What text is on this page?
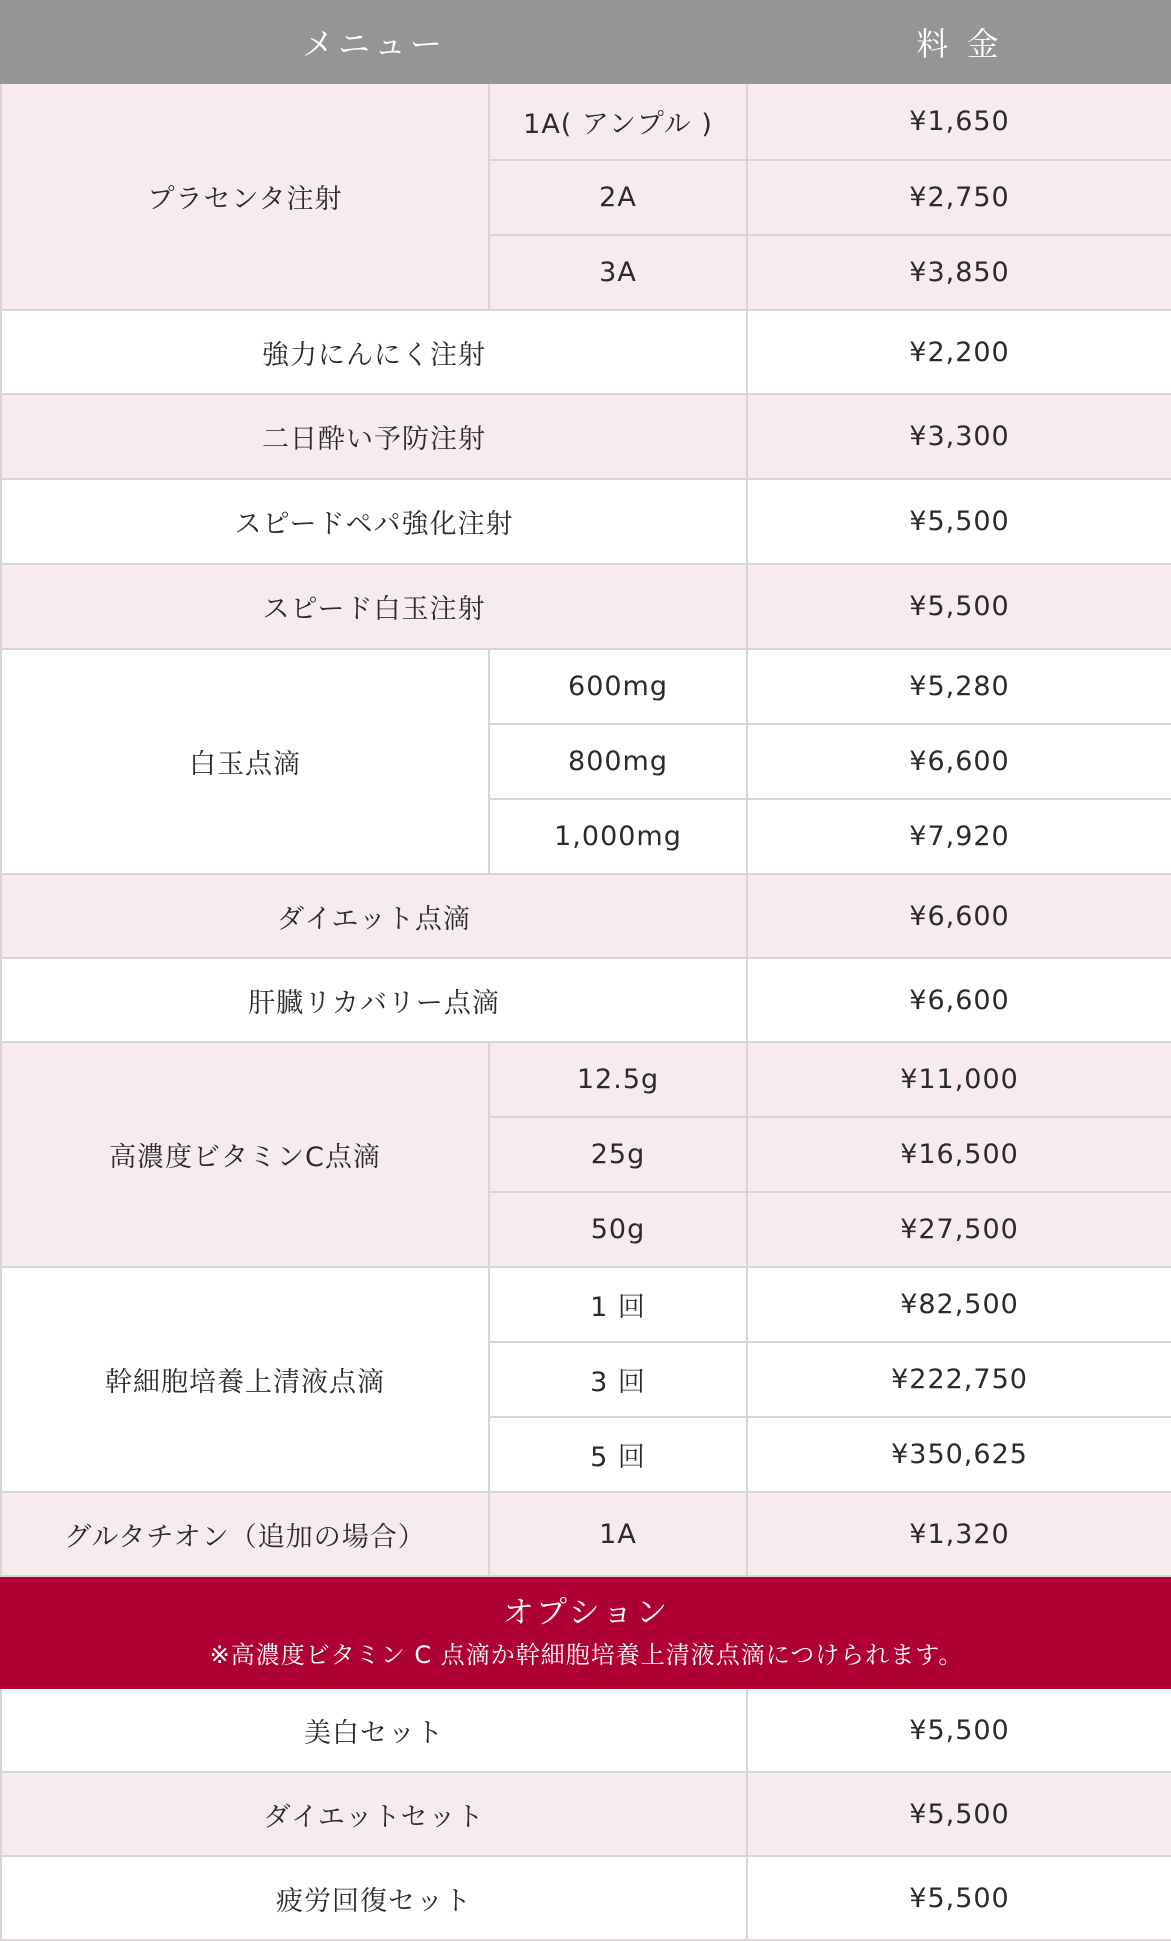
メニュー		料 金
プラセンタ注射	1A( アンプル )	¥1,650
	2A	¥2,750
	3A	¥3,850
強力にんにく注射		¥2,200
二日酔い予防注射		¥3,300
スピードペパ強化注射		¥5,500
スピード白玉注射		¥5,500
白玉点滴	600mg	¥5,280
	800mg	¥6,600
	1,000mg	¥7,920
ダイエット点滴		¥6,600
肝臓リカバリー点滴		¥6,600
高濃度ビタミンC点滴	12.5g	¥11,000
	25g	¥16,500
	50g	¥27,500
幹細胞培養上清液点滴	1 回	¥82,500
	3 回	¥222,750
	5 回	¥350,625
グルタチオン（追加の場合）	1A	¥1,320

オプション
※高濃度ビタミン C 点滴か幹細胞培養上清液点滴につけられます。		

美白セット		¥5,500
ダイエットセット		¥5,500
疲労回復セット		¥5,500
